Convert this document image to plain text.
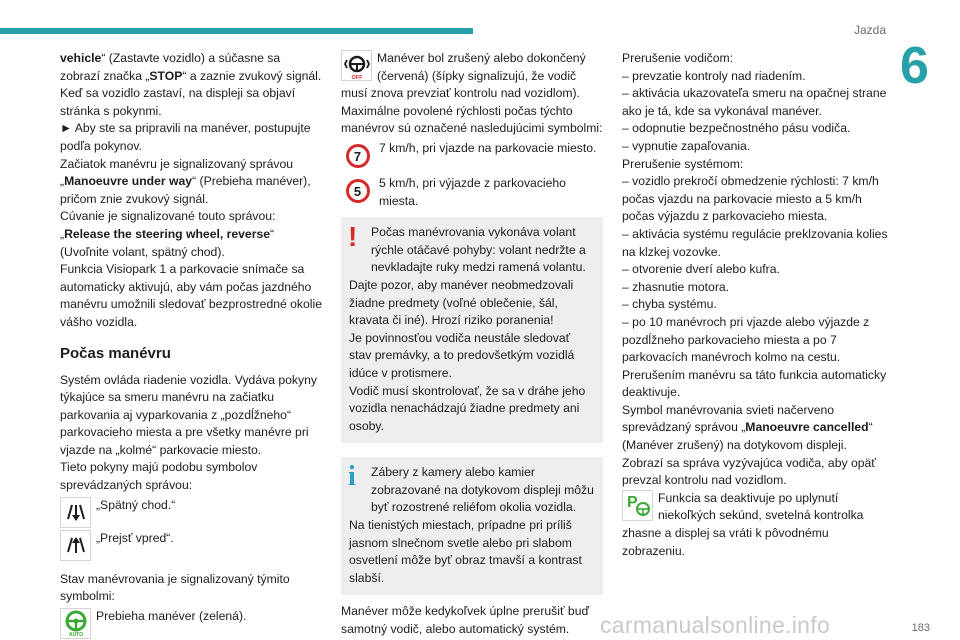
Jazda
6

vehicle“ (Zastavte vozidlo) a súčasne sa zobrazí značka „STOP“ a zaznie zvukový signál.

Keď sa vozidlo zastaví, na displeji sa objaví stránka s pokynmi.

► Aby ste sa pripravili na manéver, postupujte podľa pokynov.

Začiatok manévru je signalizovaný správou „Manoeuvre under way“ (Prebieha manéver), pričom znie zvukový signál.

Cúvanie je signalizované touto správou: „Release the steering wheel, reverse“ (Uvoľnite volant, spätný chod).

Funkcia Visiopark 1 a parkovacie snímače sa automaticky aktivujú, aby vám počas jazdného manévru umožnili sledovať bezprostredné okolie vášho vozidla.

Počas manévru

Systém ovláda riadenie vozidla. Vydáva pokyny týkajúce sa smeru manévru na začiatku parkovania aj vyparkovania z „pozdĺžneho“ parkovacieho miesta a pre všetky manévre pri vjazde na „kolmé“ parkovacie miesto.

Tieto pokyny majú podobu symbolov sprevádzaných správou:

„Spätný chod.“
„Prejsť vpred“.

Stav manévrovania je signalizovaný týmito symbolmi:

AUTO
Prebieha manéver (zelená).
OFF

Manéver bol zrušený alebo dokončený (červená) (šípky signalizujú, že vodič musí znova prevziať kontrolu nad vozidlom).

Maximálne povolené rýchlosti počas týchto manévrov sú označené nasledujúcimi symbolmi:

7
7 km/h, pri vjazde na parkovacie miesto.
5
5 km/h, pri výjazde z parkovacieho miesta.
!	Počas manévrovania vykonáva volant rýchle otáčavé pohyby: volant nedržte a nevkladajte ruky medzi ramená volantu.

Dajte pozor, aby manéver neobmedzovali žiadne predmety (voľné oblečenie, šál, kravata či iné). Hrozí riziko poranenia!

Je povinnosťou vodiča neustále sledovať stav premávky, a to predovšetkým vozidlá idúce v protismere.

Vodič musí skontrolovať, že sa v dráhe jeho vozidla nenachádzajú žiadne predmety ani osoby.

i	Zábery z kamery alebo kamier zobrazované na dotykovom displeji môžu byť rozostrené reliéfom okolia vozidla.

Na tienistých miestach, prípadne pri príliš jasnom slnečnom svetle alebo pri slabom osvetlení môže byť obraz tmavší a kontrast slabší.

Manéver môže kedykoľvek úplne prerušiť buď samotný vodič, alebo automatický systém.

Prerušenie vodičom:

– prevzatie kontroly nad riadením.

– aktivácia ukazovateľa smeru na opačnej strane ako je tá, kde sa vykonával manéver.

– odopnutie bezpečnostného pásu vodiča.

– vypnutie zapaľovania.

Prerušenie systémom:

– vozidlo prekročí obmedzenie rýchlosti: 7 km/h počas vjazdu na parkovacie miesto a 5 km/h počas výjazdu z parkovacieho miesta.

– aktivácia systému regulácie preklzovania kolies na klzkej vozovke.

– otvorenie dverí alebo kufra.

– zhasnutie motora.

– chyba systému.

– po 10 manévroch pri vjazde alebo výjazde z pozdĺžneho parkovacieho miesta a po 7 parkovacích manévroch kolmo na cestu.

Prerušením manévru sa táto funkcia automaticky deaktivuje.

Symbol manévrovania svieti načerveno sprevádzaný správou „Manoeuvre cancelled“ (Manéver zrušený) na dotykovom displeji.

Zobrazí sa správa vyzývajúca vodiča, aby opäť prevzal kontrolu nad vozidlom.

P	Funkcia sa deaktivuje po uplynutí niekoľkých sekúnd, svetelná kontrolka zhasne a displej sa vráti k pôvodnému zobrazeniu.

carmanualsonline.info	183
